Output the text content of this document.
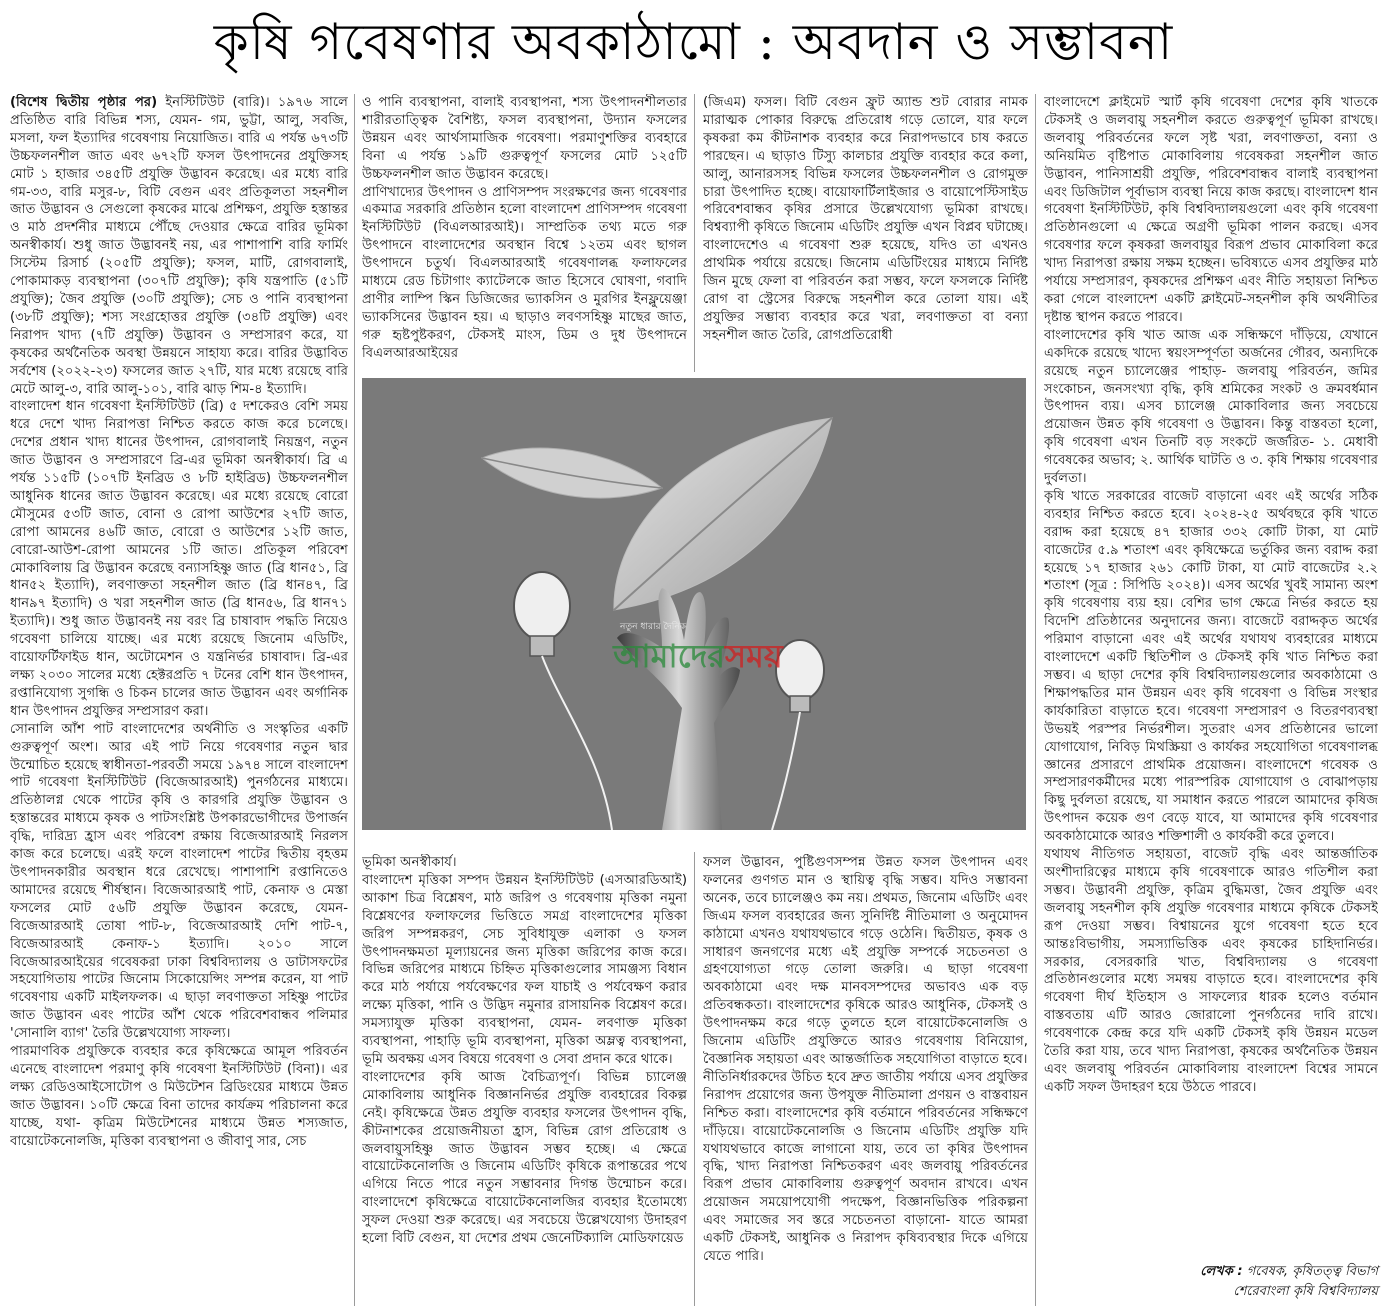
কৃষি গবেষণার অবকাঠামো : অবদান ও সম্ভাবনা

(বিশেষ দ্বিতীয় পৃষ্ঠার পর) ইনস্টিটিউট (বারি)। ১৯৭৬ সালে প্রতিষ্ঠিত বারি বিভিন্ন শস্য, যেমন- গম, ভুট্টা, আলু, সবজি, মসলা, ফল ইত্যাদির গবেষণায় নিয়োজিত। বারি এ পর্যন্ত ৬৭৩টি উচ্চফলনশীল জাত এবং ৬৭২টি ফসল উৎপাদনের প্রযুক্তিসহ মোট ১ হাজার ৩৪৫টি প্রযুক্তি উদ্ভাবন করেছে। এর মধ্যে বারি গম-৩৩, বারি মসুর-৮, বিটি বেগুন এবং প্রতিকূলতা সহনশীল জাত উদ্ভাবন ও সেগুলো কৃষকের মাঝে প্রশিক্ষণ, প্রযুক্তি হস্তান্তর ও মাঠ প্রদর্শনীর মাধ্যমে পৌঁছে দেওয়ার ক্ষেত্রে বারির ভূমিকা অনস্বীকার্য। শুধু জাত উদ্ভাবনই নয়, এর পাশাপাশি বারি ফার্মিং সিস্টেম রিসার্চ (২০৫টি প্রযুক্তি); ফসল, মাটি, রোগবালাই, পোকামাকড় ব্যবস্থাপনা (৩০৭টি প্রযুক্তি); কৃষি যন্ত্রপাতি (৫১টি প্রযুক্তি); জৈব প্রযুক্তি (৩০টি প্রযুক্তি); সেচ ও পানি ব্যবস্থাপনা (৩৮টি প্রযুক্তি); শস্য সংগ্রহোত্তর প্রযুক্তি (৩৪টি প্রযুক্তি) এবং নিরাপদ খাদ্য (৭টি প্রযুক্তি) উদ্ভাবন ও সম্প্রসারণ করে, যা কৃষকের অর্থনৈতিক অবস্থা উন্নয়নে সাহায্য করে। বারির উদ্ভাবিত সর্বশেষ (২০২২-২৩) ফসলের জাত ২৭টি, যার মধ্যে রয়েছে বারি মেটে আলু-৩, বারি আলু-১০১, বারি ঝাড় শিম-৪ ইত্যাদি।

বাংলাদেশ ধান গবেষণা ইনস্টিটিউট (ব্রি) ৫ দশকেরও বেশি সময় ধরে দেশে খাদ্য নিরাপত্তা নিশ্চিত করতে কাজ করে চলেছে। দেশের প্রধান খাদ্য ধানের উৎপাদন, রোগবালাই নিয়ন্ত্রণ, নতুন জাত উদ্ভাবন ও সম্প্রসারণে ব্রি-এর ভূমিকা অনস্বীকার্য। ব্রি এ পর্যন্ত ১১৫টি (১০৭টি ইনব্রিড ও ৮টি হাইব্রিড) উচ্চফলনশীল আধুনিক ধানের জাত উদ্ভাবন করেছে। এর মধ্যে রয়েছে বোরো মৌসুমের ৫৩টি জাত, বোনা ও রোপা আউশের ২৭টি জাত, রোপা আমনের ৪৬টি জাত, বোরো ও আউশের ১২টি জাত, বোরো-আউশ-রোপা আমনের ১টি জাত। প্রতিকূল পরিবেশ মোকাবিলায় ব্রি উদ্ভাবন করেছে বন্যাসহিষ্ণু জাত (ব্রি ধান৫১, ব্রি ধান৫২ ইত্যাদি), লবণাক্ততা সহনশীল জাত (ব্রি ধান৪৭, ব্রি ধান৯৭ ইত্যাদি) ও খরা সহনশীল জাত (ব্রি ধান৫৬, ব্রি ধান৭১ ইত্যাদি)। শুধু জাত উদ্ভাবনই নয় বরং ব্রি চাষাবাদ পদ্ধতি নিয়েও গবেষণা চালিয়ে যাচ্ছে। এর মধ্যে রয়েছে জিনোম এডিটিং, বায়োফর্টিফাইড ধান, অটোমেশন ও যন্ত্রনির্ভর চাষাবাদ। ব্রি-এর লক্ষ্য ২০৩০ সালের মধ্যে হেক্টরপ্রতি ৭ টনের বেশি ধান উৎপাদন, রপ্তানিযোগ্য সুগন্ধি ও চিকন চালের জাত উদ্ভাবন এবং অর্গানিক ধান উৎপাদন প্রযুক্তির সম্প্রসারণ করা।

সোনালি আঁশ পাট বাংলাদেশের অর্থনীতি ও সংস্কৃতির একটি গুরুত্বপূর্ণ অংশ। আর এই পাট নিয়ে গবেষণার নতুন দ্বার উন্মোচিত হয়েছে স্বাধীনতা-পরবর্তী সময়ে ১৯৭৪ সালে বাংলাদেশ পাট গবেষণা ইনস্টিটিউট (বিজেআরআই) পুনর্গঠনের মাধ্যমে। প্রতিষ্ঠালগ্ন থেকে পাটের কৃষি ও কারগরি প্রযুক্তি উদ্ভাবন ও হস্তান্তরের মাধ্যমে কৃষক ও পাটসংশ্লিষ্ট উপকারভোগীদের উপার্জন বৃদ্ধি, দারিদ্র্য হ্রাস এবং পরিবেশ রক্ষায় বিজেআরআই নিরলস কাজ করে চলেছে। এরই ফলে বাংলাদেশ পাটের দ্বিতীয় বৃহত্তম উৎপাদনকারীর অবস্থান ধরে রেখেছে। পাশাপাশি রপ্তানিতেও আমাদের রয়েছে শীর্ষস্থান। বিজেআরআই পাট, কেনাফ ও মেস্তা ফসলের মোট ৫৬টি প্রযুক্তি উদ্ভাবন করেছে, যেমন- বিজেআরআই তোষা পাট-৮, বিজেআরআই দেশি পাট-৭, বিজেআরআই কেনাফ-১ ইত্যাদি। ২০১০ সালে বিজেআরআইয়ের গবেষকরা ঢাকা বিশ্ববিদ্যালয় ও ডাটাসফটের সহযোগিতায় পাটের জিনোম সিকোয়েন্সিং সম্পন্ন করেন, যা পাট গবেষণায় একটি মাইলফলক। এ ছাড়া লবণাক্ততা সহিষ্ণু পাটের জাত উদ্ভাবন এবং পাটের আঁশ থেকে পরিবেশবান্ধব পলিমার 'সোনালি ব্যাগ' তৈরি উল্লেখযোগ্য সাফল্য।

পারমাণবিক প্রযুক্তিকে ব্যবহার করে কৃষিক্ষেত্রে আমূল পরিবর্তন এনেছে বাংলাদেশ পরমাণু কৃষি গবেষণা ইনস্টিটিউট (বিনা)। এর লক্ষ্য রেডিওআইসোটোপ ও মিউটেশন ব্রিডিংয়ের মাধ্যমে উন্নত জাত উদ্ভাবন। ১০টি ক্ষেত্রে বিনা তাদের কার্যক্রম পরিচালনা করে যাচ্ছে, যথা- কৃত্রিম মিউটেশনের মাধ্যমে উন্নত শস্যজাত, বায়োটেকনোলজি, মৃত্তিকা ব্যবস্থাপনা ও জীবাণু সার, সেচ

ও পানি ব্যবস্থাপনা, বালাই ব্যবস্থাপনা, শস্য উৎপাদনশীলতার শারীরতাত্ত্বিক বৈশিষ্ট্য, ফসল ব্যবস্থাপনা, উদ্যান ফসলের উন্নয়ন এবং আর্থসামাজিক গবেষণা। পরমাণুশক্তির ব্যবহারে বিনা এ পর্যন্ত ১৯টি গুরুত্বপূর্ণ ফসলের মোট ১২৫টি উচ্চফলনশীল জাত উদ্ভাবন করেছে।

প্রাণিখাদ্যের উৎপাদন ও প্রাণিসম্পদ সংরক্ষণের জন্য গবেষণার একমাত্র সরকারি প্রতিষ্ঠান হলো বাংলাদেশ প্রাণিসম্পদ গবেষণা ইনস্টিটিউট (বিএলআরআই)। সাম্প্রতিক তথ্য মতে গরু উৎপাদনে বাংলাদেশের অবস্থান বিশ্বে ১২তম এবং ছাগল উৎপাদনে চতুর্থ। বিএলআরআই গবেষণালব্ধ ফলাফলের মাধ্যমে রেড চিটাগাং ক্যাটেলকে জাত হিসেবে ঘোষণা, গবাদি প্রাণীর লাম্পি স্কিন ডিজিজের ভ্যাকসিন ও মুরগির ইনফ্লুয়েঞ্জা ভ্যাকসিনের উদ্ভাবন হয়। এ ছাড়াও লবণসহিষ্ণু মাছের জাত, গরু হৃষ্টপুষ্টকরণ, টেকসই মাংস, ডিম ও দুধ উৎপাদনে বিএলআরআইয়ের

(জিএম) ফসল। বিটি বেগুন ফ্রুট অ্যান্ড শুট বোরার নামক মারাত্মক পোকার বিরুদ্ধে প্রতিরোধ গড়ে তোলে, যার ফলে কৃষকরা কম কীটনাশক ব্যবহার করে নিরাপদভাবে চাষ করতে পারছেন। এ ছাড়াও টিস্যু কালচার প্রযুক্তি ব্যবহার করে কলা, আলু, আনারসসহ বিভিন্ন ফসলের উচ্চফলনশীল ও রোগমুক্ত চারা উৎপাদিত হচ্ছে। বায়োফার্টিলাইজার ও বায়োপেস্টিসাইড পরিবেশবান্ধব কৃষির প্রসারে উল্লেখযোগ্য ভূমিকা রাখছে। বিশ্বব্যাপী কৃষিতে জিনোম এডিটিং প্রযুক্তি এখন বিপ্লব ঘটাচ্ছে। বাংলাদেশেও এ গবেষণা শুরু হয়েছে, যদিও তা এখনও প্রাথমিক পর্যায়ে রয়েছে। জিনোম এডিটিংয়ের মাধ্যমে নির্দিষ্ট জিন মুছে ফেলা বা পরিবর্তন করা সম্ভব, ফলে ফসলকে নির্দিষ্ট রোগ বা স্ট্রেসের বিরুদ্ধে সহনশীল করে তোলা যায়। এই প্রযুক্তির সম্ভাব্য ব্যবহার করে খরা, লবণাক্ততা বা বন্যা সহনশীল জাত তৈরি, রোগপ্রতিরোধী

নতুন ধারার দৈনিক
আমাদেরসময়

ভূমিকা অনস্বীকার্য।

বাংলাদেশ মৃত্তিকা সম্পদ উন্নয়ন ইনস্টিটিউট (এসআরডিআই) আকাশ চিত্র বিশ্লেষণ, মাঠ জরিপ ও গবেষণায় মৃত্তিকা নমুনা বিশ্লেষণের ফলাফলের ভিত্তিতে সমগ্র বাংলাদেশের মৃত্তিকা জরিপ সম্পন্নকরণ, সেচ সুবিধাযুক্ত এলাকা ও ফসল উৎপাদনক্ষমতা মূল্যায়নের জন্য মৃত্তিকা জরিপের কাজ করে। বিভিন্ন জরিপের মাধ্যমে চিহ্নিত মৃত্তিকাগুলোর সামঞ্জস্য বিধান করে মাঠ পর্যায়ে পর্যবেক্ষণের ফল যাচাই ও পর্যবেক্ষণ করার লক্ষ্যে মৃত্তিকা, পানি ও উদ্ভিদ নমুনার রাসায়নিক বিশ্লেষণ করে। সমস্যাযুক্ত মৃত্তিকা ব্যবস্থাপনা, যেমন- লবণাক্ত মৃত্তিকা ব্যবস্থাপনা, পাহাড়ি ভূমি ব্যবস্থাপনা, মৃত্তিকা অম্লত্ব ব্যবস্থাপনা, ভূমি অবক্ষয় এসব বিষয়ে গবেষণা ও সেবা প্রদান করে থাকে।

বাংলাদেশের কৃষি আজ বৈচিত্র্যপূর্ণ। বিভিন্ন চ্যালেঞ্জ মোকাবিলায় আধুনিক বিজ্ঞাননির্ভর প্রযুক্তি ব্যবহারের বিকল্প নেই। কৃষিক্ষেত্রে উন্নত প্রযুক্তি ব্যবহার ফসলের উৎপাদন বৃদ্ধি, কীটনাশকের প্রয়োজনীয়তা হ্রাস, বিভিন্ন রোগ প্রতিরোধ ও জলবায়ুসহিষ্ণু জাত উদ্ভাবন সম্ভব হচ্ছে। এ ক্ষেত্রে বায়োটেকনোলজি ও জিনোম এডিটিং কৃষিকে রূপান্তরের পথে এগিয়ে নিতে পারে নতুন সম্ভাবনার দিগন্ত উন্মোচন করে। বাংলাদেশে কৃষিক্ষেত্রে বায়োটেকনোলজির ব্যবহার ইতোমধ্যে সুফল দেওয়া শুরু করেছে। এর সবচেয়ে উল্লেখযোগ্য উদাহরণ হলো বিটি বেগুন, যা দেশের প্রথম জেনেটিক্যালি মোডিফায়েড

ফসল উদ্ভাবন, পুষ্টিগুণসম্পন্ন উন্নত ফসল উৎপাদন এবং ফলনের গুণগত মান ও স্থায়িত্ব বৃদ্ধি সম্ভব। যদিও সম্ভাবনা অনেক, তবে চ্যালেঞ্জও কম নয়। প্রথমত, জিনোম এডিটিং এবং জিএম ফসল ব্যবহারের জন্য সুনির্দিষ্ট নীতিমালা ও অনুমোদন কাঠামো এখনও যথাযথভাবে গড়ে ওঠেনি। দ্বিতীয়ত, কৃষক ও সাধারণ জনগণের মধ্যে এই প্রযুক্তি সম্পর্কে সচেতনতা ও গ্রহণযোগ্যতা গড়ে তোলা জরুরি। এ ছাড়া গবেষণা অবকাঠামো এবং দক্ষ মানবসম্পদের অভাবও এক বড় প্রতিবন্ধকতা। বাংলাদেশের কৃষিকে আরও আধুনিক, টেকসই ও উৎপাদনক্ষম করে গড়ে তুলতে হলে বায়োটেকনোলজি ও জিনোম এডিটিং প্রযুক্তিতে আরও গবেষণায় বিনিয়োগ, বৈজ্ঞানিক সহায়তা এবং আন্তর্জাতিক সহযোগিতা বাড়াতে হবে।

নীতিনির্ধারকদের উচিত হবে দ্রুত জাতীয় পর্যায়ে এসব প্রযুক্তির নিরাপদ প্রয়োগের জন্য উপযুক্ত নীতিমালা প্রণয়ন ও বাস্তবায়ন নিশ্চিত করা। বাংলাদেশের কৃষি বর্তমানে পরিবর্তনের সন্ধিক্ষণে দাঁড়িয়ে। বায়োটেকনোলজি ও জিনোম এডিটিং প্রযুক্তি যদি যথাযথভাবে কাজে লাগানো যায়, তবে তা কৃষির উৎপাদন বৃদ্ধি, খাদ্য নিরাপত্তা নিশ্চিতকরণ এবং জলবায়ু পরিবর্তনের বিরূপ প্রভাব মোকাবিলায় গুরুত্বপূর্ণ অবদান রাখবে। এখন প্রয়োজন সময়োপযোগী পদক্ষেপ, বিজ্ঞানভিত্তিক পরিকল্পনা এবং সমাজের সব স্তরে সচেতনতা বাড়ানো- যাতে আমরা একটি টেকসই, আধুনিক ও নিরাপদ কৃষিব্যবস্থার দিকে এগিয়ে যেতে পারি।

বাংলাদেশে ক্লাইমেট স্মার্ট কৃষি গবেষণা দেশের কৃষি খাতকে টেকসই ও জলবায়ু সহনশীল করতে গুরুত্বপূর্ণ ভূমিকা রাখছে। জলবায়ু পরিবর্তনের ফলে সৃষ্ট খরা, লবণাক্ততা, বন্যা ও অনিয়মিত বৃষ্টিপাত মোকাবিলায় গবেষকরা সহনশীল জাত উদ্ভাবন, পানিসাশ্রয়ী প্রযুক্তি, পরিবেশবান্ধব বালাই ব্যবস্থাপনা এবং ডিজিটাল পূর্বাভাস ব্যবস্থা নিয়ে কাজ করছে। বাংলাদেশ ধান গবেষণা ইনস্টিটিউট, কৃষি বিশ্ববিদ্যালয়গুলো এবং কৃষি গবেষণা প্রতিষ্ঠানগুলো এ ক্ষেত্রে অগ্রণী ভূমিকা পালন করছে। এসব গবেষণার ফলে কৃষকরা জলবায়ুর বিরূপ প্রভাব মোকাবিলা করে খাদ্য নিরাপত্তা রক্ষায় সক্ষম হচ্ছেন। ভবিষ্যতে এসব প্রযুক্তির মাঠ পর্যায়ে সম্প্রসারণ, কৃষকদের প্রশিক্ষণ এবং নীতি সহায়তা নিশ্চিত করা গেলে বাংলাদেশ একটি ক্লাইমেট-সহনশীল কৃষি অর্থনীতির দৃষ্টান্ত স্থাপন করতে পারবে।

বাংলাদেশের কৃষি খাত আজ এক সন্ধিক্ষণে দাঁড়িয়ে, যেখানে একদিকে রয়েছে খাদ্যে স্বয়ংসম্পূর্ণতা অর্জনের গৌরব, অন্যদিকে রয়েছে নতুন চ্যালেঞ্জের পাহাড়- জলবায়ু পরিবর্তন, জমির সংকোচন, জনসংখ্যা বৃদ্ধি, কৃষি শ্রমিকের সংকট ও ক্রমবর্ধমান উৎপাদন ব্যয়। এসব চ্যালেঞ্জ মোকাবিলার জন্য সবচেয়ে প্রয়োজন উন্নত কৃষি গবেষণা ও উদ্ভাবন। কিন্তু বাস্তবতা হলো, কৃষি গবেষণা এখন তিনটি বড় সংকটে জর্জরিত- ১. মেধাবী গবেষকের অভাব; ২. আর্থিক ঘাটতি ও ৩. কৃষি শিক্ষায় গবেষণার দুর্বলতা।

কৃষি খাতে সরকারের বাজেট বাড়ানো এবং এই অর্থের সঠিক ব্যবহার নিশ্চিত করতে হবে। ২০২৪-২৫ অর্থবছরে কৃষি খাতে বরাদ্দ করা হয়েছে ৪৭ হাজার ৩৩২ কোটি টাকা, যা মোট বাজেটের ৫.৯ শতাংশ এবং কৃষিক্ষেত্রে ভর্তুকির জন্য বরাদ্দ করা হয়েছে ১৭ হাজার ২৬১ কোটি টাকা, যা মোট বাজেটের ২.২ শতাংশ (সূত্র : সিপিডি ২০২৪)। এসব অর্থের খুবই সামান্য অংশ কৃষি গবেষণায় ব্যয় হয়। বেশির ভাগ ক্ষেত্রে নির্ভর করতে হয় বিদেশি প্রতিষ্ঠানের অনুদানের জন্য। বাজেটে বরাদ্দকৃত অর্থের পরিমাণ বাড়ানো এবং এই অর্থের যথাযথ ব্যবহারের মাধ্যমে বাংলাদেশে একটি স্থিতিশীল ও টেকসই কৃষি খাত নিশ্চিত করা সম্ভব। এ ছাড়া দেশের কৃষি বিশ্ববিদ্যালয়গুলোর অবকাঠামো ও শিক্ষাপদ্ধতির মান উন্নয়ন এবং কৃষি গবেষণা ও বিভিন্ন সংস্থার কার্যকারিতা বাড়াতে হবে। গবেষণা সম্প্রসারণ ও বিতরণব্যবস্থা উভয়ই পরস্পর নির্ভরশীল। সুতরাং এসব প্রতিষ্ঠানের ভালো যোগাযোগ, নিবিড় মিথস্ক্রিয়া ও কার্যকর সহযোগিতা গবেষণালব্ধ জ্ঞানের প্রসারণে প্রাথমিক প্রয়োজন। বাংলাদেশে গবেষক ও সম্প্রসারণকর্মীদের মধ্যে পারস্পরিক যোগাযোগ ও বোঝাপড়ায় কিছু দুর্বলতা রয়েছে, যা সমাধান করতে পারলে আমাদের কৃষিজ উৎপাদন কয়েক গুণ বেড়ে যাবে, যা আমাদের কৃষি গবেষণার অবকাঠামোকে আরও শক্তিশালী ও কার্যকরী করে তুলবে।

যথাযথ নীতিগত সহায়তা, বাজেট বৃদ্ধি এবং আন্তর্জাতিক অংশীদারিত্বের মাধ্যমে কৃষি গবেষণাকে আরও গতিশীল করা সম্ভব। উদ্ভাবনী প্রযুক্তি, কৃত্রিম বুদ্ধিমত্তা, জৈব প্রযুক্তি এবং জলবায়ু সহনশীল কৃষি প্রযুক্তি গবেষণার মাধ্যমে কৃষিকে টেকসই রূপ দেওয়া সম্ভব। বিশ্বায়নের যুগে গবেষণা হতে হবে আন্তঃবিভাগীয়, সমস্যাভিত্তিক এবং কৃষকের চাহিদানির্ভর। সরকার, বেসরকারি খাত, বিশ্ববিদ্যালয় ও গবেষণা প্রতিষ্ঠানগুলোর মধ্যে সমন্বয় বাড়াতে হবে। বাংলাদেশের কৃষি গবেষণা দীর্ঘ ইতিহাস ও সাফল্যের ধারক হলেও বর্তমান বাস্তবতায় এটি আরও জোরালো পুনর্গঠনের দাবি রাখে। গবেষণাকে কেন্দ্র করে যদি একটি টেকসই কৃষি উন্নয়ন মডেল তৈরি করা যায়, তবে খাদ্য নিরাপত্তা, কৃষকের অর্থনৈতিক উন্নয়ন এবং জলবায়ু পরিবর্তন মোকাবিলায় বাংলাদেশ বিশ্বের সামনে একটি সফল উদাহরণ হয়ে উঠতে পারবে।

লেখক : গবেষক, কৃষিতত্ত্ব বিভাগ
শেরেবাংলা কৃষি বিশ্ববিদ্যালয়
